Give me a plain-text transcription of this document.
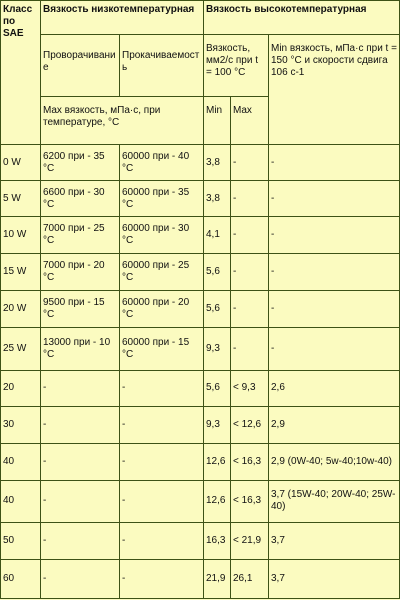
Класс по SAE	Вязкость низкотемпературная		Вязкость высокотемпературная		
	Проворачивание	Прокачиваемость	Вязкость, мм2/с при t = 100 °C		Min вязкость, мПа·с при t = 150 °C и скорости сдвига 106 с-1
	Max вязкость, мПа·с, при температуре, °C		Min	Max	
0 W	6200 при - 35 °C	60000 при - 40 °C	3,8	-	-
5 W	6600 при - 30 °C	60000 при - 35 °C	3,8	-	-
10 W	7000 при - 25 °C	60000 при - 30 °C	4,1	-	-
15 W	7000 при - 20 °C	60000 при - 25 °C	5,6	-	-
20 W	9500 при - 15 °C	60000 при - 20 °C	5,6	-	-
25 W	13000 при - 10 °C	60000 при - 15 °C	9,3	-	-
20	-	-	5,6	< 9,3	2,6
30	-	-	9,3	< 12,6	2,9
40	-	-	12,6	< 16,3	2,9 (0W-40; 5w-40;10w-40)
40	-	-	12,6	< 16,3	3,7 (15W-40; 20W-40; 25W-40)
50	-	-	16,3	< 21,9	3,7
60	-	-	21,9	26,1	3,7
